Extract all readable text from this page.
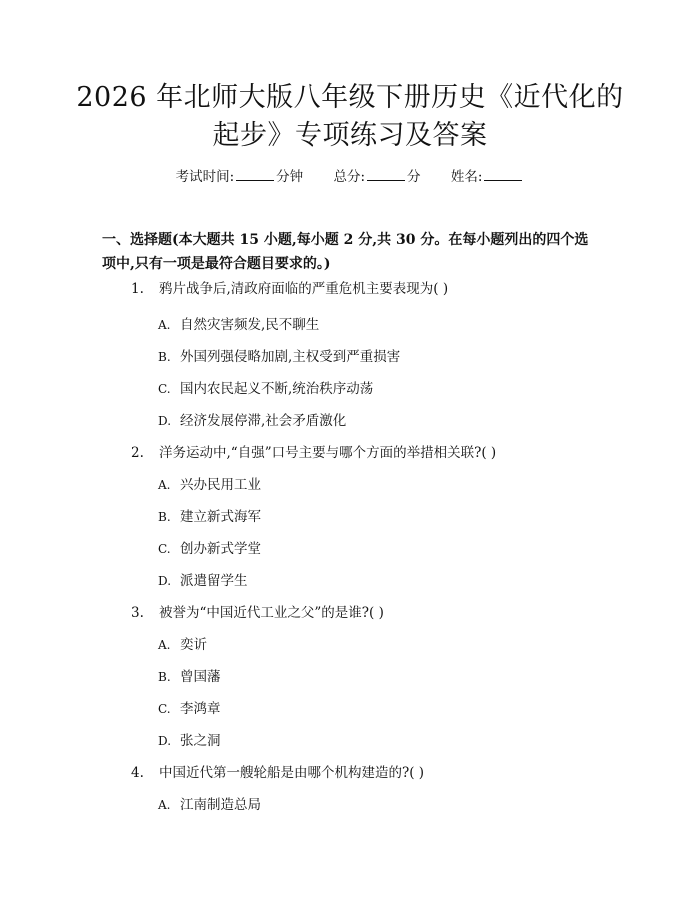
2026 年北师大版八年级下册历史《近代化的
起步》专项练习及答案
考试时间:	分钟 总分:	分 姓名:
一、选择题(本大题共 15 小题,每小题 2 分,共 30 分。在每小题列出的四个选项中,只有一项是最符合题目要求的。)
1. 鸦片战争后,清政府面临的严重危机主要表现为( )
A. 自然灾害频发,民不聊生
B. 外国列强侵略加剧,主权受到严重损害
C. 国内农民起义不断,统治秩序动荡
D. 经济发展停滞,社会矛盾激化
2. 洋务运动中,“自强”口号主要与哪个方面的举措相关联?( )
A. 兴办民用工业
B. 建立新式海军
C. 创办新式学堂
D. 派遣留学生
3. 被誉为“中国近代工业之父”的是谁?( )
A. 奕䜣
B. 曾国藩
C. 李鸿章
D. 张之洞
4. 中国近代第一艘轮船是由哪个机构建造的?( )
A. 江南制造总局
